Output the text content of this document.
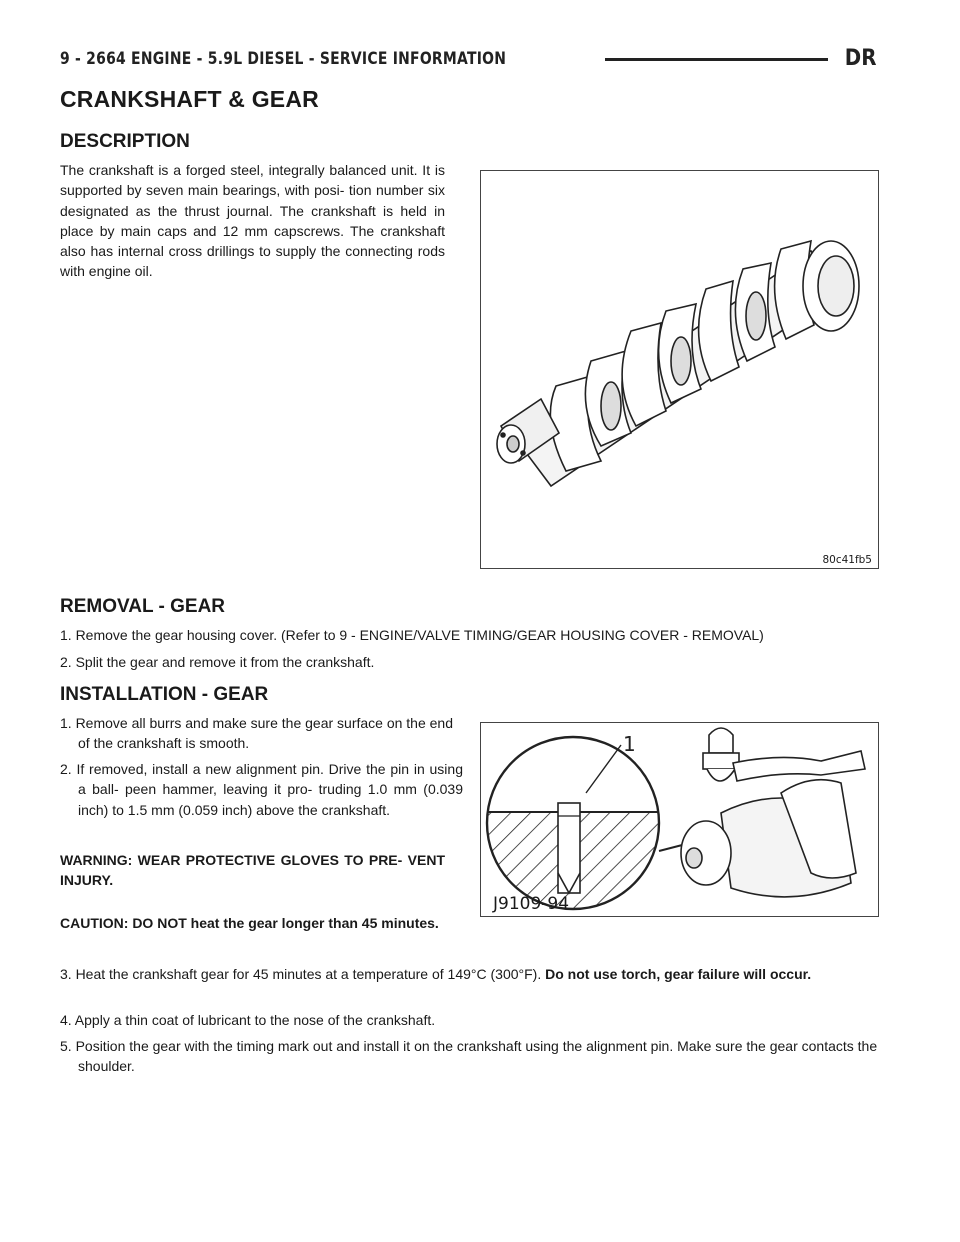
9 - 2664 ENGINE - 5.9L DIESEL - SERVICE INFORMATION	DR
CRANKSHAFT & GEAR
DESCRIPTION

The crankshaft is a forged steel, integrally balanced unit. It is supported by seven main bearings, with posi- tion number six designated as the thrust journal. The crankshaft is held in place by main caps and 12 mm capscrews. The crankshaft also has internal cross drillings to supply the connecting rods with engine oil.

80c41fb5
REMOVAL - GEAR

1. Remove the gear housing cover. (Refer to 9 - ENGINE/VALVE TIMING/GEAR HOUSING COVER - REMOVAL)

2. Split the gear and remove it from the crankshaft.

INSTALLATION - GEAR

1. Remove all burrs and make sure the gear surface on the end of the crankshaft is smooth.

2. If removed, install a new alignment pin. Drive the pin in using a ball- peen hammer, leaving it pro- truding 1.0 mm (0.039 inch) to 1.5 mm (0.059 inch) above the crankshaft.

WARNING: WEAR PROTECTIVE GLOVES TO PRE- VENT INJURY.

CAUTION: DO NOT heat the gear longer than 45 minutes.

1
J9109-94

3. Heat the crankshaft gear for 45 minutes at a temperature of 149°C (300°F). Do not use torch, gear failure will occur.

4. Apply a thin coat of lubricant to the nose of the crankshaft.

5. Position the gear with the timing mark out and install it on the crankshaft using the alignment pin. Make sure the gear contacts the shoulder.
